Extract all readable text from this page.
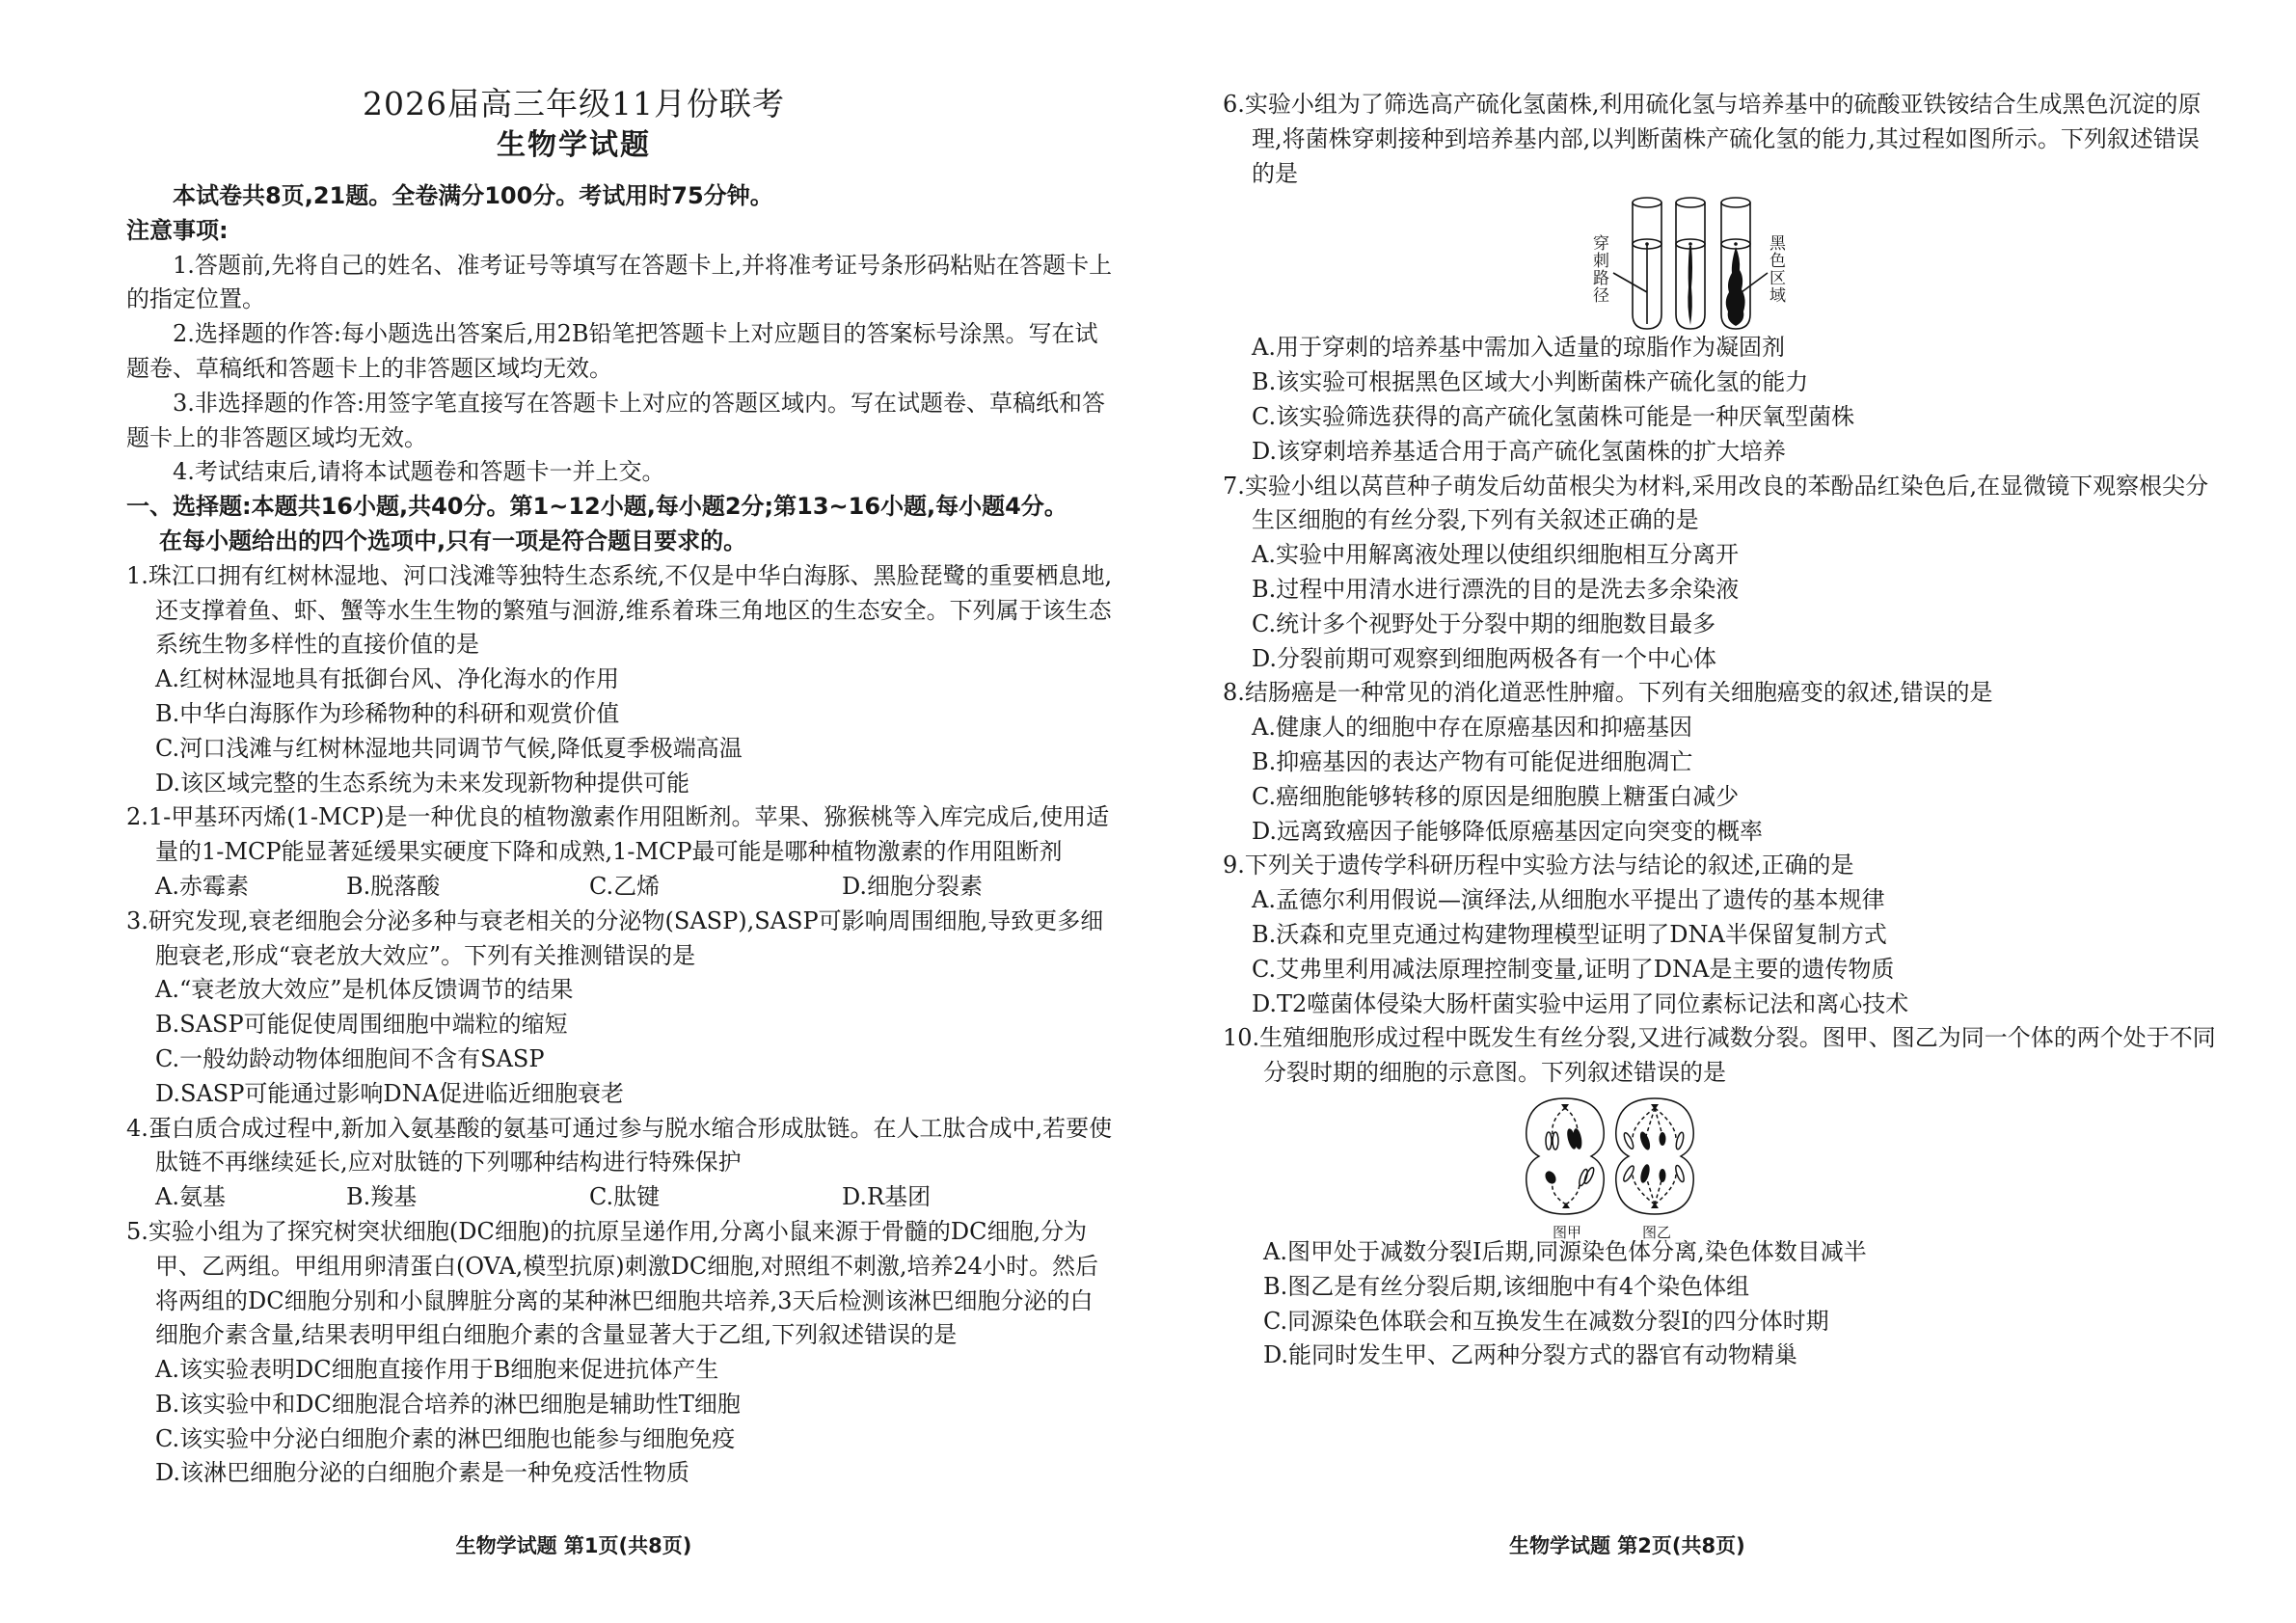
2026届高三年级11月份联考
生物学试题
本试卷共8页,21题。全卷满分100分。考试用时75分钟。
注意事项:
1.答题前,先将自己的姓名、准考证号等填写在答题卡上,并将准考证号条形码粘贴在答题卡上的指定位置。
2.选择题的作答:每小题选出答案后,用2B铅笔把答题卡上对应题目的答案标号涂黑。写在试题卷、草稿纸和答题卡上的非答题区域均无效。
3.非选择题的作答:用签字笔直接写在答题卡上对应的答题区域内。写在试题卷、草稿纸和答题卡上的非答题区域均无效。
4.考试结束后,请将本试题卷和答题卡一并上交。
一、选择题:本题共16小题,共40分。第1~12小题,每小题2分;第13~16小题,每小题4分。
在每小题给出的四个选项中,只有一项是符合题目要求的。
1.珠江口拥有红树林湿地、河口浅滩等独特生态系统,不仅是中华白海豚、黑脸琵鹭的重要栖息地,还支撑着鱼、虾、蟹等水生生物的繁殖与洄游,维系着珠三角地区的生态安全。下列属于该生态系统生物多样性的直接价值的是
A.红树林湿地具有抵御台风、净化海水的作用
B.中华白海豚作为珍稀物种的科研和观赏价值
C.河口浅滩与红树林湿地共同调节气候,降低夏季极端高温
D.该区域完整的生态系统为未来发现新物种提供可能
2.1-甲基环丙烯(1-MCP)是一种优良的植物激素作用阻断剂。苹果、猕猴桃等入库完成后,使用适量的1-MCP能显著延缓果实硬度下降和成熟,1-MCP最可能是哪种植物激素的作用阻断剂
A.赤霉素	B.脱落酸	C.乙烯	D.细胞分裂素
3.研究发现,衰老细胞会分泌多种与衰老相关的分泌物(SASP),SASP可影响周围细胞,导致更多细胞衰老,形成“衰老放大效应”。下列有关推测错误的是
A.“衰老放大效应”是机体反馈调节的结果
B.SASP可能促使周围细胞中端粒的缩短
C.一般幼龄动物体细胞间不含有SASP
D.SASP可能通过影响DNA促进临近细胞衰老
4.蛋白质合成过程中,新加入氨基酸的氨基可通过参与脱水缩合形成肽链。在人工肽合成中,若要使肽链不再继续延长,应对肽链的下列哪种结构进行特殊保护
A.氨基	B.羧基	C.肽键	D.R基团
5.实验小组为了探究树突状细胞(DC细胞)的抗原呈递作用,分离小鼠来源于骨髓的DC细胞,分为甲、乙两组。甲组用卵清蛋白(OVA,模型抗原)刺激DC细胞,对照组不刺激,培养24小时。然后将两组的DC细胞分别和小鼠脾脏分离的某种淋巴细胞共培养,3天后检测该淋巴细胞分泌的白细胞介素含量,结果表明甲组白细胞介素的含量显著大于乙组,下列叙述错误的是
A.该实验表明DC细胞直接作用于B细胞来促进抗体产生
B.该实验中和DC细胞混合培养的淋巴细胞是辅助性T细胞
C.该实验中分泌白细胞介素的淋巴细胞也能参与细胞免疫
D.该淋巴细胞分泌的白细胞介素是一种免疫活性物质
生物学试题 第1页(共8页)
6.实验小组为了筛选高产硫化氢菌株,利用硫化氢与培养基中的硫酸亚铁铵结合生成黑色沉淀的原理,将菌株穿刺接种到培养基内部,以判断菌株产硫化氢的能力,其过程如图所示。下列叙述错误的是
穿刺路径
黑色区域
A.用于穿刺的培养基中需加入适量的琼脂作为凝固剂
B.该实验可根据黑色区域大小判断菌株产硫化氢的能力
C.该实验筛选获得的高产硫化氢菌株可能是一种厌氧型菌株
D.该穿刺培养基适合用于高产硫化氢菌株的扩大培养
7.实验小组以莴苣种子萌发后幼苗根尖为材料,采用改良的苯酚品红染色后,在显微镜下观察根尖分生区细胞的有丝分裂,下列有关叙述正确的是
A.实验中用解离液处理以使组织细胞相互分离开
B.过程中用清水进行漂洗的目的是洗去多余染液
C.统计多个视野处于分裂中期的细胞数目最多
D.分裂前期可观察到细胞两极各有一个中心体
8.结肠癌是一种常见的消化道恶性肿瘤。下列有关细胞癌变的叙述,错误的是
A.健康人的细胞中存在原癌基因和抑癌基因
B.抑癌基因的表达产物有可能促进细胞凋亡
C.癌细胞能够转移的原因是细胞膜上糖蛋白减少
D.远离致癌因子能够降低原癌基因定向突变的概率
9.下列关于遗传学科研历程中实验方法与结论的叙述,正确的是
A.孟德尔利用假说—演绎法,从细胞水平提出了遗传的基本规律
B.沃森和克里克通过构建物理模型证明了DNA半保留复制方式
C.艾弗里利用减法原理控制变量,证明了DNA是主要的遗传物质
D.T2噬菌体侵染大肠杆菌实验中运用了同位素标记法和离心技术
10.生殖细胞形成过程中既发生有丝分裂,又进行减数分裂。图甲、图乙为同一个体的两个处于不同分裂时期的细胞的示意图。下列叙述错误的是
图甲	图乙
A.图甲处于减数分裂Ⅰ后期,同源染色体分离,染色体数目减半
B.图乙是有丝分裂后期,该细胞中有4个染色体组
C.同源染色体联会和互换发生在减数分裂Ⅰ的四分体时期
D.能同时发生甲、乙两种分裂方式的器官有动物精巢
生物学试题 第2页(共8页)
